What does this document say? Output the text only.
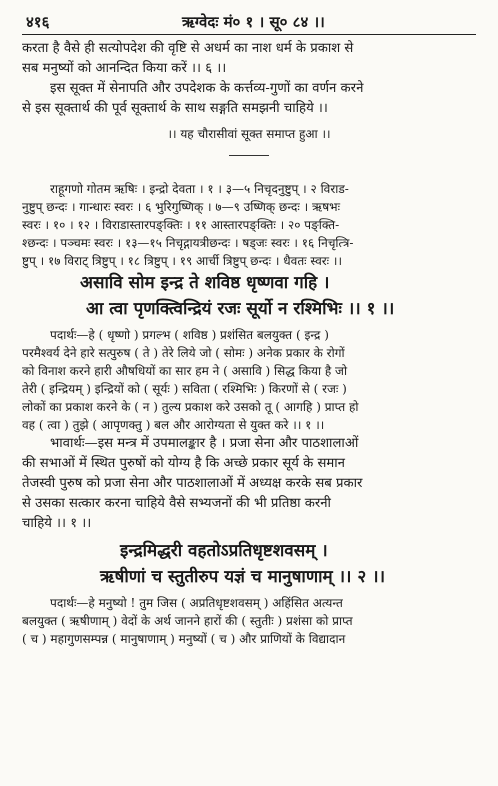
४१६	ऋग्वेदः मं० १ । सू० ८४ ।।

करता है वैसे ही सत्योपदेश की वृष्टि से अधर्म का नाश धर्म के प्रकाश से

सब मनुष्यों को आनन्दित किया करें ।। ६ ।।

इस सूक्त में सेनापति और उपदेशक के कर्त्तव्य-गुणों का वर्णन करने

से इस सूक्तार्थ की पूर्व सूक्तार्थ के साथ सङ्गति समझनी चाहिये ।।

।। यह चौरासीवां सूक्त समाप्त हुआ ।।

राहूगणो गोतम ऋषिः । इन्द्रो देवता । १ । ३—५ निचृदनुष्टुप् । २ विराड-

नुष्टुप् छन्दः । गान्धारः स्वरः । ६ भुरिगुष्णिक् । ७—९ उष्णिक् छन्दः । ऋषभः

स्वरः । १० । १२ । विराडास्तारपङ्क्तिः । ११ आस्तारपङ्क्तिः । २० पङ्क्ति-

श्छन्दः । पञ्चमः स्वरः । १३—१५ निचृद्गायत्रीछन्दः । षड्जः स्वरः । १६ निचृत्त्रि-

ष्टुप् । १७ विराट् त्रिष्टुप् । १८ त्रिष्टुप् । १९ आर्ची त्रिष्टुप् छन्दः । धैवतः स्वरः ।।

असावि सोम इन्द्र ते शविष्ठ धृष्णवा गहि ।

आ त्वा पृणक्त्विन्द्रियं रजः सूर्यो न रश्मिभिः ।। १ ।।

पदार्थः—हे ( धृष्णो ) प्रगल्भ ( शविष्ठ ) प्रशंसित बलयुक्त ( इन्द्र )

परमैश्वर्य देने हारे सत्पुरुष ( ते ) तेरे लिये जो ( सोमः ) अनेक प्रकार के रोगों

को विनाश करने हारी औषधियों का सार हम ने ( असावि ) सिद्ध किया है जो

तेरी ( इन्द्रियम् ) इन्द्रियों को ( सूर्यः ) सविता ( रश्मिभिः ) किरणों से ( रजः )

लोकों का प्रकाश करने के ( न ) तुल्य प्रकाश करे उसको तू ( आगहि ) प्राप्त हो

वह ( त्वा ) तुझे ( आपृणक्तु ) बल और आरोग्यता से युक्त करे ।। १ ।।

भावार्थः—इस मन्त्र में उपमालङ्कार है । प्रजा सेना और पाठशालाओं

की सभाओं में स्थित पुरुषों को योग्य है कि अच्छे प्रकार सूर्य के समान

तेजस्वी पुरुष को प्रजा सेना और पाठशालाओं में अध्यक्ष करके सब प्रकार

से उसका सत्कार करना चाहिये वैसे सभ्यजनों की भी प्रतिष्ठा करनी

चाहिये ।। १ ।।

इन्द्रमिद्धरी वहतोऽप्रतिधृष्टशवसम् ।

ऋषीणां च स्तुतीरुप यज्ञं च मानुषाणाम् ।। २ ।।

पदार्थः—हे मनुष्यो ! तुम जिस ( अप्रतिधृष्टशवसम् ) अहिंसित अत्यन्त

बलयुक्त ( ऋषीणाम् ) वेदों के अर्थ जानने हारों की ( स्तुतीः ) प्रशंसा को प्राप्त

( च ) महागुणसम्पन्न ( मानुषाणाम् ) मनुष्यों ( च ) और प्राणियों के विद्यादान
